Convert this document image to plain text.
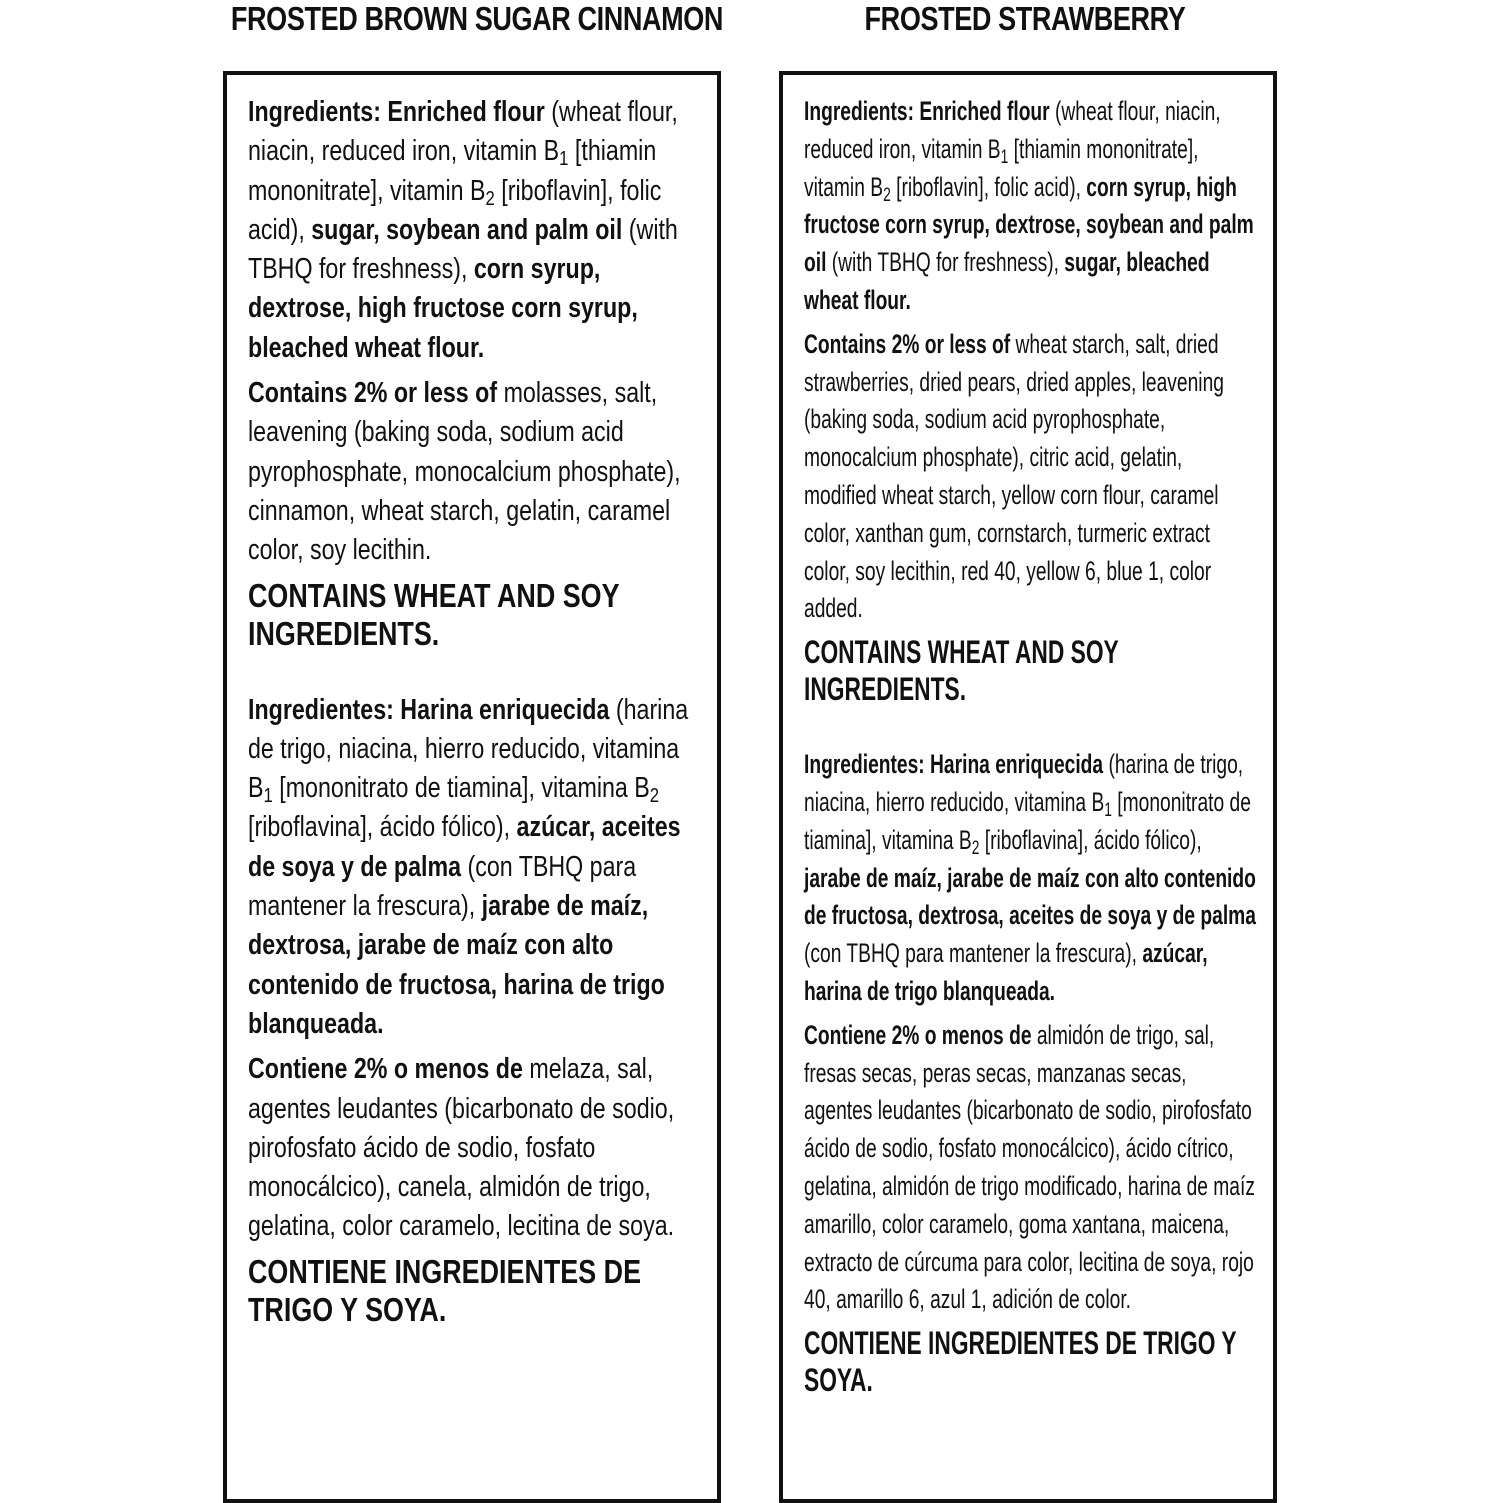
FROSTED BROWN SUGAR CINNAMON	FROSTED STRAWBERRY

Ingredients: Enriched flour (wheat flour, niacin, reduced iron, vitamin $B_1$ [thiamin mononitrate], vitamin $B_2$ [riboflavin], folic acid), sugar, soybean and palm oil (with TBHQ for freshness), corn syrup, dextrose, high fructose corn syrup, bleached wheat flour.

Contains 2% or less of molasses, salt, leavening (baking soda, sodium acid pyrophosphate, monocalcium phosphate), cinnamon, wheat starch, gelatin, caramel color, soy lecithin.

CONTAINS WHEAT AND SOY INGREDIENTS.

Ingredientes: Harina enriquecida (harina de trigo, niacina, hierro reducido, vitamina $B_1$ [mononitrato de tiamina], vitamina $B_2$ [riboflavina], ácido fólico), azúcar, aceites de soya y de palma (con TBHQ para mantener la frescura), jarabe de maíz, dextrosa, jarabe de maíz con alto contenido de fructosa, harina de trigo blanqueada.

Contiene 2% o menos de melaza, sal, agentes leudantes (bicarbonato de sodio, pirofosfato ácido de sodio, fosfato monocálcico), canela, almidón de trigo, gelatina, color caramelo, lecitina de soya.

CONTIENE INGREDIENTES DE TRIGO Y SOYA.

Ingredients: Enriched flour (wheat flour, niacin, reduced iron, vitamin $B_1$ [thiamin mononitrate], vitamin $B_2$ [riboflavin], folic acid), corn syrup, high fructose corn syrup, dextrose, soybean and palm oil (with TBHQ for freshness), sugar, bleached wheat flour.

Contains 2% or less of wheat starch, salt, dried strawberries, dried pears, dried apples, leavening (baking soda, sodium acid pyrophosphate, monocalcium phosphate), citric acid, gelatin, modified wheat starch, yellow corn flour, caramel color, xanthan gum, cornstarch, turmeric extract color, soy lecithin, red 40, yellow 6, blue 1, color added.

CONTAINS WHEAT AND SOY INGREDIENTS.

Ingredientes: Harina enriquecida (harina de trigo, niacina, hierro reducido, vitamina $B_1$ [mononitrato de tiamina], vitamina $B_2$ [riboflavina], ácido fólico), jarabe de maíz, jarabe de maíz con alto contenido de fructosa, dextrosa, aceites de soya y de palma (con TBHQ para mantener la frescura), azúcar, harina de trigo blanqueada.

Contiene 2% o menos de almidón de trigo, sal, fresas secas, peras secas, manzanas secas, agentes leudantes (bicarbonato de sodio, pirofosfato ácido de sodio, fosfato monocálcico), ácido cítrico, gelatina, almidón de trigo modificado, harina de maíz amarillo, color caramelo, goma xantana, maicena, extracto de cúrcuma para color, lecitina de soya, rojo 40, amarillo 6, azul 1, adición de color.

CONTIENE INGREDIENTES DE TRIGO Y SOYA.
